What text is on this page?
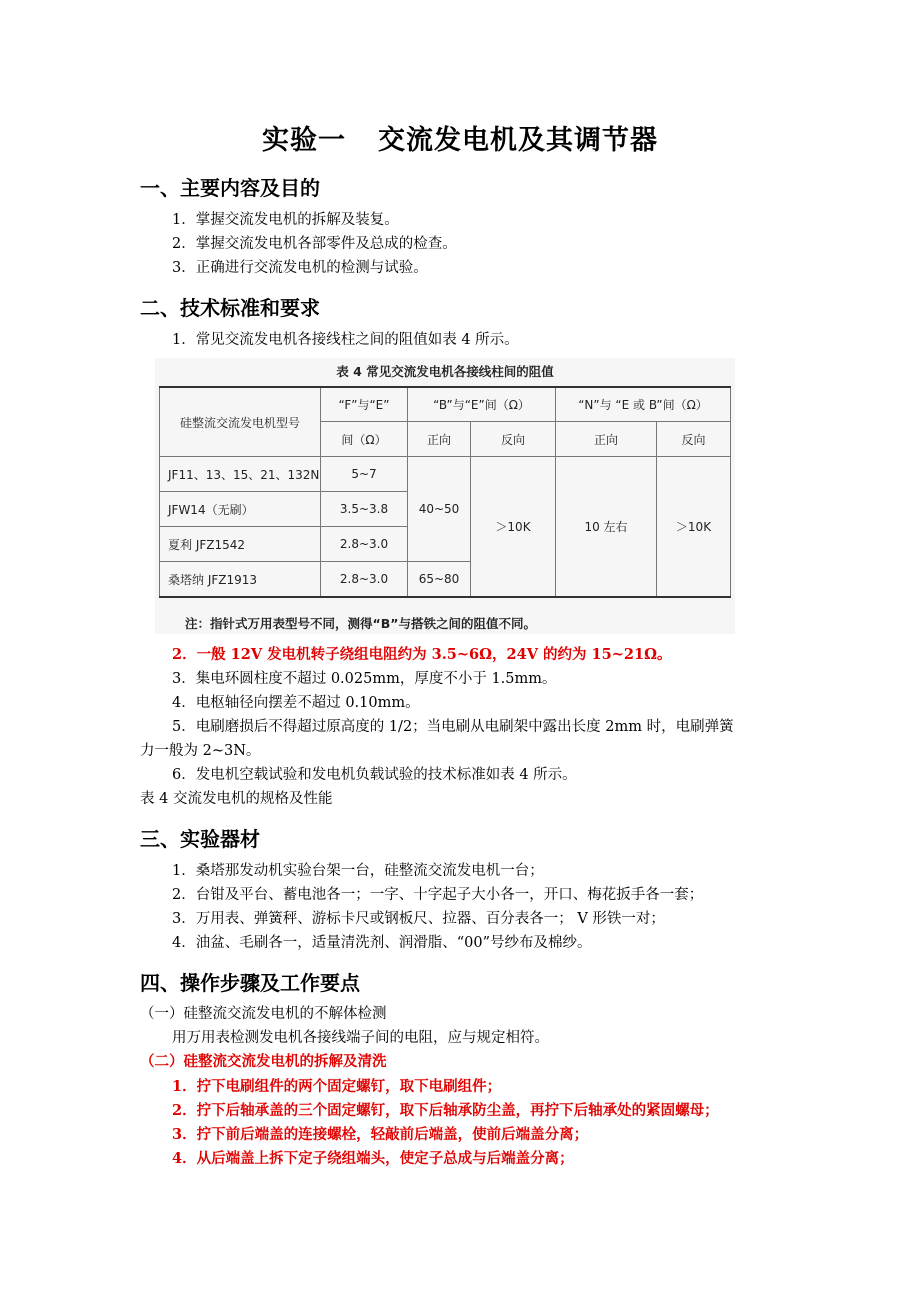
实验一 交流发电机及其调节器
一、主要内容及目的
1．掌握交流发电机的拆解及装复。
2．掌握交流发电机各部零件及总成的检查。
3．正确进行交流发电机的检测与试验。
二、技术标准和要求
1．常见交流发电机各接线柱之间的阻值如表 4 所示。
表 4 常见交流发电机各接线柱间的阻值
硅整流交流发电机型号	“F”与“E”	“B”与“E”间（Ω）		“N”与 “E 或 B”间（Ω）	
	间（Ω）	正向	反向	正向	反向
JF11、13、15、21、132N	5~7	40~50	＞10K	10 左右	＞10K
JFW14（无刷）	3.5~3.8				
夏利 JFZ1542	2.8~3.0				
桑塔纳 JFZ1913	2.8~3.0	65~80			
注：指针式万用表型号不同，测得“B”与搭铁之间的阻值不同。
2．一般 12V 发电机转子绕组电阻约为 3.5~6Ω，24V 的约为 15~21Ω。
3．集电环圆柱度不超过 0.025mm，厚度不小于 1.5mm。
4．电枢轴径向摆差不超过 0.10mm。
5．电刷磨损后不得超过原高度的 1/2；当电刷从电刷架中露出长度 2mm 时，电刷弹簧
力一般为 2~3N。
6．发电机空载试验和发电机负载试验的技术标准如表 4 所示。
表 4 交流发电机的规格及性能
三、实验器材
1．桑塔那发动机实验台架一台，硅整流交流发电机一台；
2．台钳及平台、蓄电池各一；一字、十字起子大小各一，开口、梅花扳手各一套；
3．万用表、弹簧秤、游标卡尺或钢板尺、拉器、百分表各一； V 形铁一对；
4．油盆、毛刷各一，适量清洗剂、润滑脂、“00”号纱布及棉纱。
四、操作步骤及工作要点
（一）硅整流交流发电机的不解体检测
用万用表检测发电机各接线端子间的电阻，应与规定相符。
（二）硅整流交流发电机的拆解及清洗
1．拧下电刷组件的两个固定螺钉，取下电刷组件；
2．拧下后轴承盖的三个固定螺钉，取下后轴承防尘盖，再拧下后轴承处的紧固螺母；
3．拧下前后端盖的连接螺栓，轻敲前后端盖，使前后端盖分离；
4．从后端盖上拆下定子绕组端头，使定子总成与后端盖分离；
